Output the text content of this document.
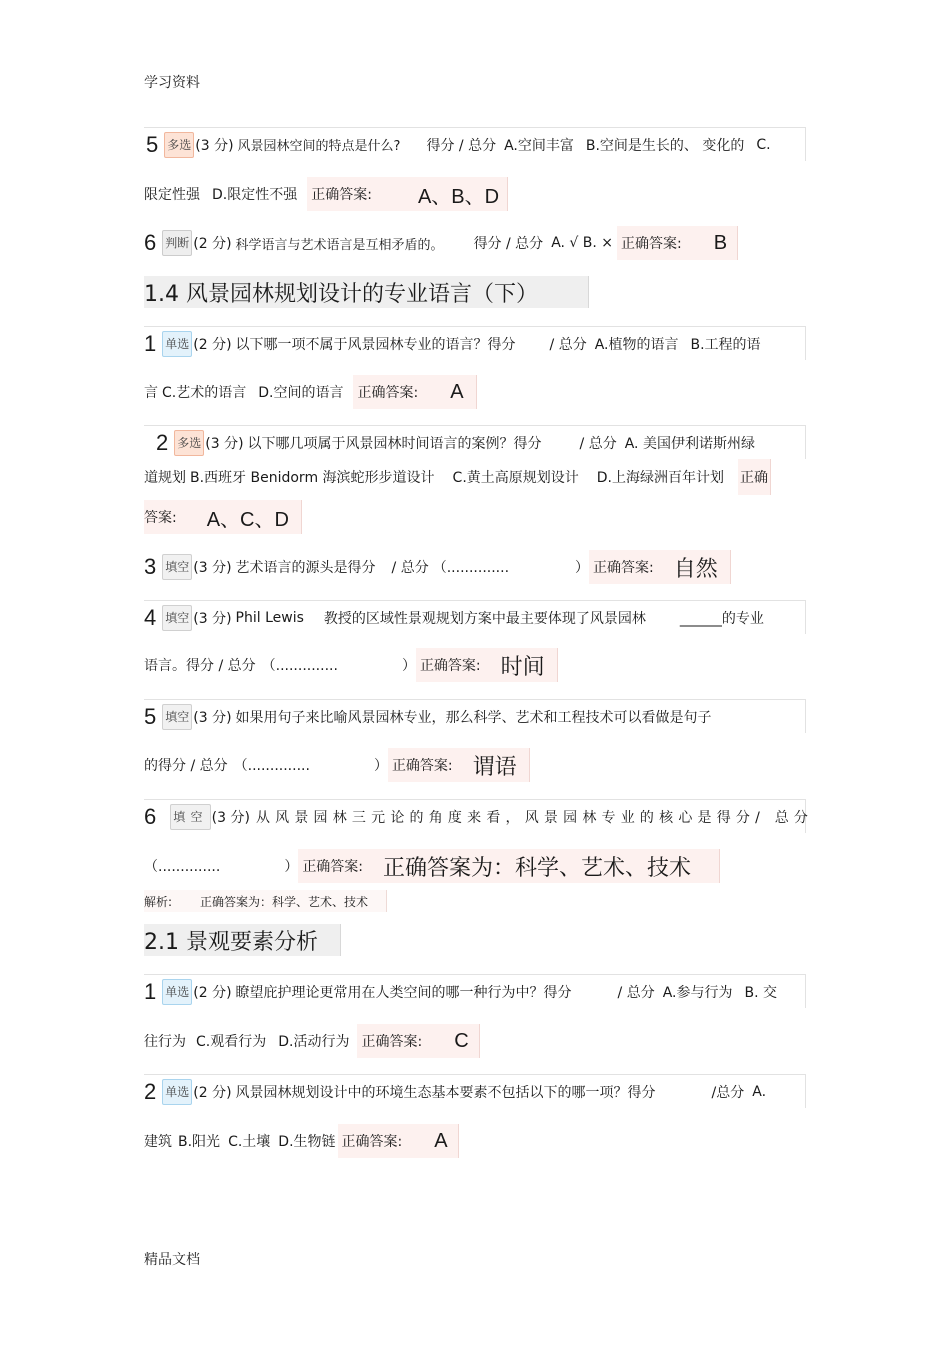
学习资料
精品文档
5 多选 (3 分) 风景园林空间的特点是什么? 得分 / 总分 A.空间丰富 B.空间是生长的、 变化的 C.
限定性强 D.限定性不强 正确答案: A、B、D
6 判断 (2 分) 科学语言与艺术语言是互相矛盾的。 得分 / 总分 A. √ B. × 正确答案: B
1.4 风景园林规划设计的专业语言（下）
1 单选 (2 分) 以下哪一项不属于风景园林专业的语言？得分 / 总分 A.植物的语言 B.工程的语
言 C.艺术的语言 D.空间的语言 正确答案: A
2 多选 (3 分) 以下哪几项属于风景园林时间语言的案例？得分	/ 总分 A. 美国伊利诺斯州绿
道规划 B.西班牙 Benidorm 海滨蛇形步道设计 C.黄土高原规划设计 D.上海绿洲百年计划 正确
答案: A、C、D
3 填空 (3 分) 艺术语言的源头是得分 / 总分 （..............	） 正确答案: 自然
4 填空 (3 分) Phil Lewis 教授的区域性景观规划方案中最主要体现了风景园林 ______的专业
语言。得分 / 总分 （..............	） 正确答案: 时间
5 填空 (3 分) 如果用句子来比喻风景园林专业，那么科学、艺术和工程技术可以看做是句子
的得分 / 总分 （..............	） 正确答案: 谓语
6 填空 (3 分) 从风景园林三元论的角度来看，风景园林专业的核心是得分/ 总分
（..............	） 正确答案: 正确答案为：科学、艺术、技术
解析: 正确答案为：科学、艺术、技术
2.1 景观要素分析
1 单选 (2 分) 瞭望庇护理论更常用在人类空间的哪一种行为中？得分	/ 总分 A.参与行为 B. 交
往行为 C.观看行为 D.活动行为 正确答案: C
2 单选 (2 分) 风景园林规划设计中的环境生态基本要素不包括以下的哪一项？得分	/总分 A.
建筑 B.阳光 C.土壤 D.生物链 正确答案: A
